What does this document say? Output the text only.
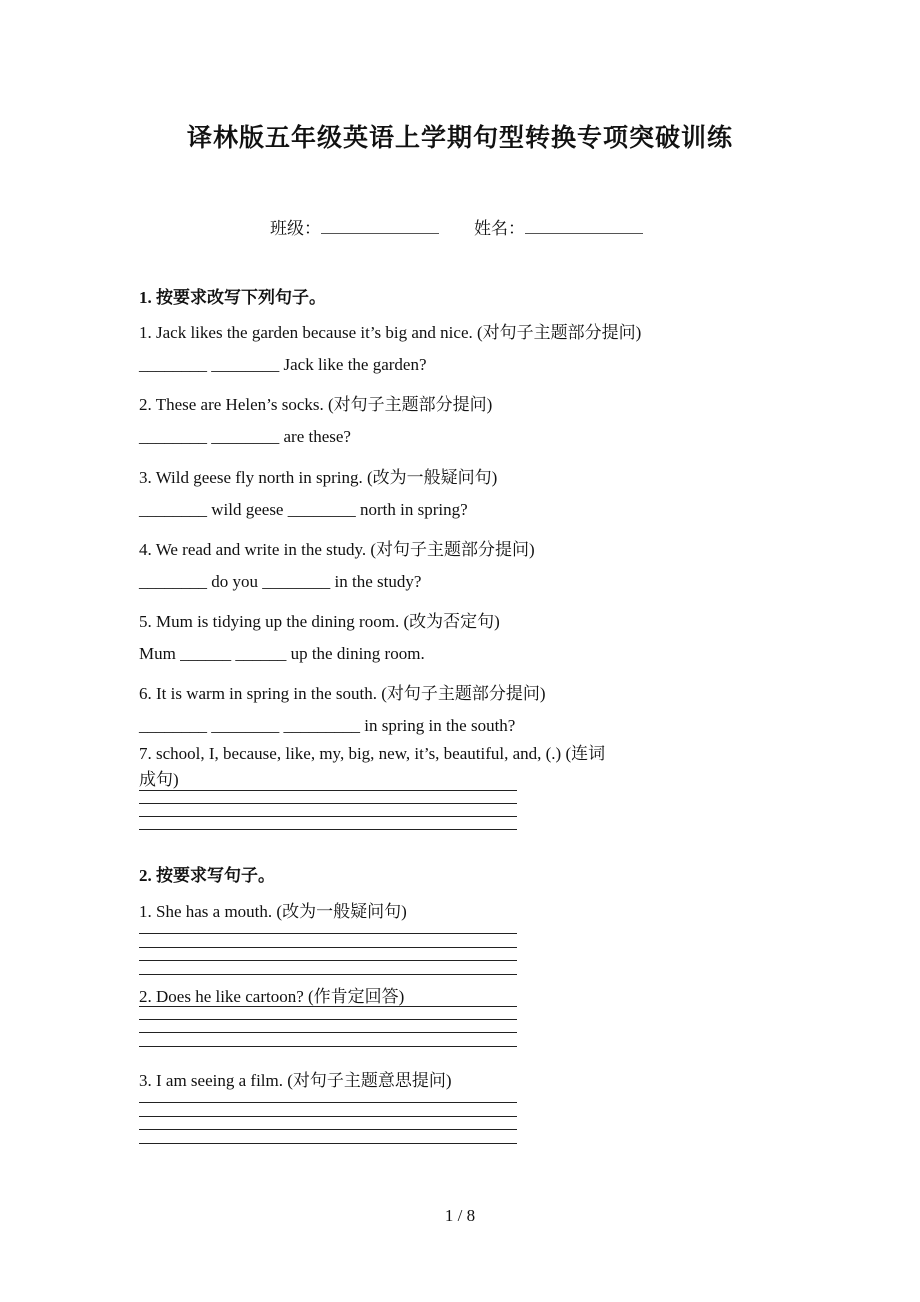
译林版五年级英语上学期句型转换专项突破训练
班级：	姓名：
1. 按要求改写下列句子。
1. Jack likes the garden because it’s big and nice. (对句子主题部分提问)
________ ________ Jack like the garden?
2. These are Helen’s socks. (对句子主题部分提问)
________ ________ are these?
3. Wild geese fly north in spring. (改为一般疑问句)
________ wild geese ________ north in spring?
4. We read and write in the study. (对句子主题部分提问)
________ do you ________ in the study?
5. Mum is tidying up the dining room. (改为否定句)
Mum ______ ______ up the dining room.
6. It is warm in spring in the south. (对句子主题部分提问)
________ ________ _________ in spring in the south?
7. school, I, because, like, my, big, new, it’s, beautiful, and, (.) (连词
成句)
2. 按要求写句子。
1. She has a mouth. (改为一般疑问句)
2. Does he like cartoon? (作肯定回答)
3. I am seeing a film. (对句子主题意思提问)
1 / 8
